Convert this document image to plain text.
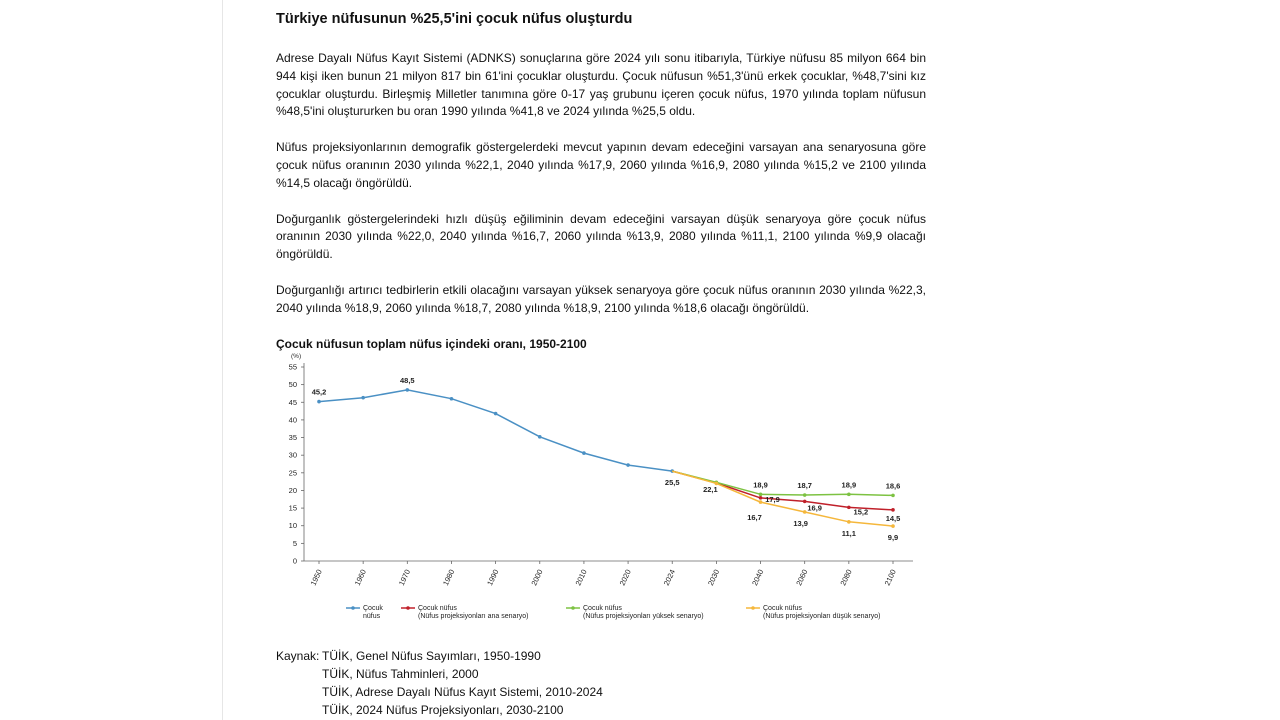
Türkiye nüfusunun %25,5'ini çocuk nüfus oluşturdu

Adrese Dayalı Nüfus Kayıt Sistemi (ADNKS) sonuçlarına göre 2024 yılı sonu itibarıyla, Türkiye nüfusu 85 milyon 664 bin 944 kişi iken bunun 21 milyon 817 bin 61'ini çocuklar oluşturdu. Çocuk nüfusun %51,3'ünü erkek çocuklar, %48,7'sini kız çocuklar oluşturdu. Birleşmiş Milletler tanımına göre 0-17 yaş grubunu içeren çocuk nüfus, 1970 yılında toplam nüfusun %48,5'ini oluştururken bu oran 1990 yılında %41,8 ve 2024 yılında %25,5 oldu.

Nüfus projeksiyonlarının demografik göstergelerdeki mevcut yapının devam edeceğini varsayan ana senaryosuna göre çocuk nüfus oranının 2030 yılında %22,1, 2040 yılında %17,9, 2060 yılında %16,9, 2080 yılında %15,2 ve 2100 yılında %14,5 olacağı öngörüldü.

Doğurganlık göstergelerindeki hızlı düşüş eğiliminin devam edeceğini varsayan düşük senaryoya göre çocuk nüfus oranının 2030 yılında %22,0, 2040 yılında %16,7, 2060 yılında %13,9, 2080 yılında %11,1, 2100 yılında %9,9 olacağı öngörüldü.

Doğurganlığı artırıcı tedbirlerin etkili olacağını varsayan yüksek senaryoya göre çocuk nüfus oranının 2030 yılında %22,3, 2040 yılında %18,9, 2060 yılında %18,7, 2080 yılında %18,9, 2100 yılında %18,6 olacağı öngörüldü.

Çocuk nüfusun toplam nüfus içindeki oranı, 1950-2100
0
5
10
15
20
25
30
35
40
45
50
55
(%)
1950	1960	1970	1980	1990	2000	2010	2020	2024	2030	2040	2060	2080	2100
45,2
48,5
25,5
22,1
17,9
16,9	15,2
14,5
18,9	18,7	18,9	18,6
16,7
13,9
11,1	9,9
Çocuk
nüfus
Çocuk nüfus
(Nüfus projeksiyonları ana senaryo)
Çocuk nüfus
(Nüfus projeksiyonları yüksek senaryo)
Çocuk nüfus
(Nüfus projeksiyonları düşük senaryo)
Kaynak: TÜİK, Genel Nüfus Sayımları, 1950-1990
TÜİK, Nüfus Tahminleri, 2000
TÜİK, Adrese Dayalı Nüfus Kayıt Sistemi, 2010-2024
TÜİK, 2024 Nüfus Projeksiyonları, 2030-2100
